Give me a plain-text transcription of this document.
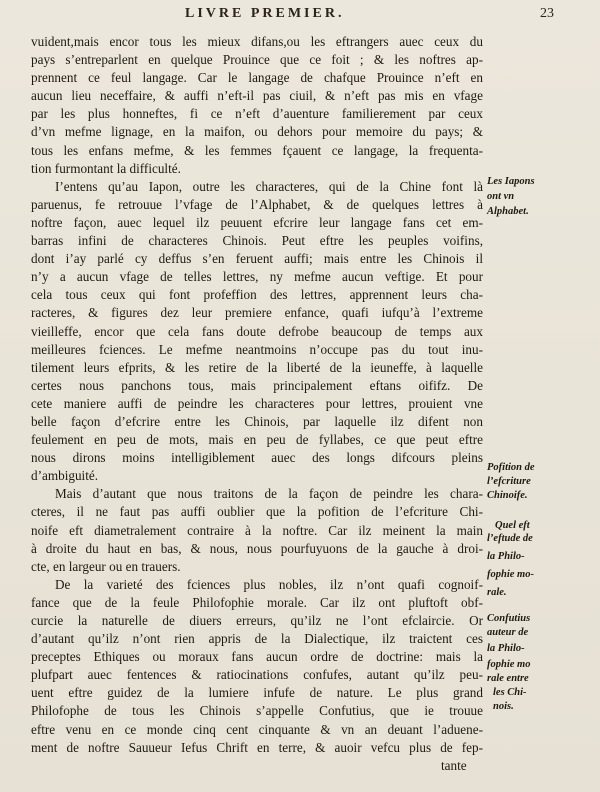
LIVRE PREMIER.	23
vuident,mais encor tous les mieux difans,ou les eftrangers auec ceux du
pays s’entreparlent en quelque Prouince que ce foit ; & les noftres ap-
prennent ce feul langage. Car le langage de chafque Prouince n’eft en
aucun lieu neceffaire, & auffi n’eft-il pas ciuil, & n’eft pas mis en vfage
par les plus honneftes, fi ce n’eft d’auenture familierement par ceux
d’vn mefme lignage, en la maifon, ou dehors pour memoire du pays; &
tous les enfans mefme, & les femmes fçauent ce langage, la frequenta-
tion furmontant la difficulté.
I’entens qu’au Iapon, outre les characteres, qui de la Chine font là
paruenus, fe retrouue l’vfage de l’Alphabet, & de quelques lettres à
noftre façon, auec lequel ilz peuuent efcrire leur langage fans cet em-
barras infini de characteres Chinois. Peut eftre les peuples voifins,
dont i’ay parlé cy deffus s’en feruent auffi; mais entre les Chinois il
n’y a aucun vfage de telles lettres, ny mefme aucun veftige. Et pour
cela tous ceux qui font profeffion des lettres, apprennent leurs cha-
racteres, & figures dez leur premiere enfance, quafi iufqu’à l’extreme
vieilleffe, encor que cela fans doute defrobe beaucoup de temps aux
meilleures fciences. Le mefme neantmoins n’occupe pas du tout inu-
tilement leurs efprits, & les retire de la liberté de la ieuneffe, à laquelle
certes nous panchons tous, mais principalement eftans oififz. De
cete maniere auffi de peindre les characteres pour lettres, prouient vne
belle façon d’efcrire entre les Chinois, par laquelle ilz difent non
feulement en peu de mots, mais en peu de fyllabes, ce que peut eftre
nous dirons moins intelligiblement auec des longs difcours pleins
d’ambiguité.
Mais d’autant que nous traitons de la façon de peindre les chara-
cteres, il ne faut pas auffi oublier que la pofition de l’efcriture Chi-
noife eft diametralement contraire à la noftre. Car ilz meinent la main
à droite du haut en bas, & nous, nous pourfuyuons de la gauche à droi-
cte, en largeur ou en trauers.
De la varieté des fciences plus nobles, ilz n’ont quafi cognoif-
fance que de la feule Philofophie morale. Car ilz ont pluftoft obf-
curcie la naturelle de diuers erreurs, qu’ilz ne l’ont efclaircie. Or
d’autant qu’ilz n’ont rien appris de la Dialectique, ilz traictent ces
preceptes Ethiques ou moraux fans aucun ordre de doctrine: mais la
plufpart auec fentences & ratiocinations confufes, autant qu’ilz peu-
uent eftre guidez de la lumiere infufe de nature. Le plus grand
Philofophe de tous les Chinois s’appelle Confutius, que ie trouue
eftre venu en ce monde cinq cent cinquante & vn an deuant l’aduene-
ment de noftre Sauueur Iefus Chrift en terre, & auoir vefcu plus de fep-
tante
Les Iapons
ont vn
Alphabet.
Pofition de
l’efcriture
Chinoife.
Quel eft
l’eftude de
la Philo-
fophie mo-
rale.
Confutius
auteur de
la Philo-
fophie mo
rale entre
les Chi-
nois.
